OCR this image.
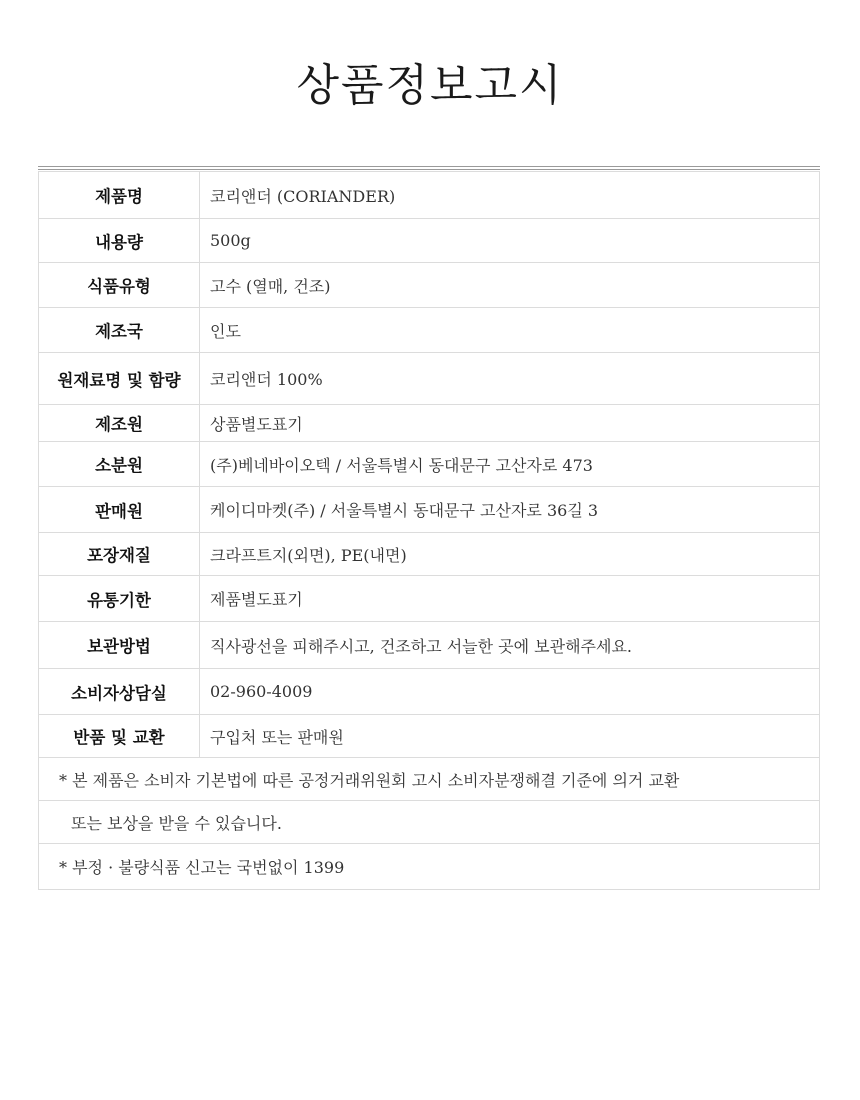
상품정보고시
제품명	코리앤더 (CORIANDER)
내용량	500g
식품유형	고수 (열매, 건조)
제조국	인도
원재료명 및 함량	코리앤더 100%
제조원	상품별도표기
소분원	(주)베네바이오텍 / 서울특별시 동대문구 고산자로 473
판매원	케이디마켓(주) / 서울특별시 동대문구 고산자로 36길 3
포장재질	크라프트지(외면), PE(내면)
유통기한	제품별도표기
보관방법	직사광선을 피해주시고, 건조하고 서늘한 곳에 보관해주세요.
소비자상담실	02-960-4009
반품 및 교환	구입처 또는 판매원
* 본 제품은 소비자 기본법에 따른 공정거래위원회 고시 소비자분쟁해결 기준에 의거 교환	
또는 보상을 받을 수 있습니다.	
* 부정 · 불량식품 신고는 국번없이 1399	
